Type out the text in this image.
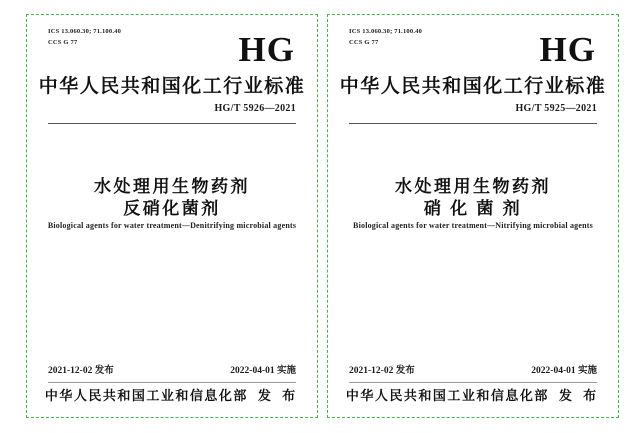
ICS 13.060.30; 71.100.40
CCS G 77	HG
中华人民共和国化工行业标准
HG/T 5926—2021
水处理用生物药剂
反硝化菌剂
Biological agents for water treatment—Denitrifying microbial agents
2021-12-02 发布	2022-04-01 实施
中华人民共和国工业和信息化部 发 布
ICS 13.060.30; 71.100.40
CCS G 77	HG
中华人民共和国化工行业标准
HG/T 5925—2021
水处理用生物药剂
硝 化 菌 剂
Biological agents for water treatment—Nitrifying microbial agents
2021-12-02 发布	2022-04-01 实施
中华人民共和国工业和信息化部 发 布
